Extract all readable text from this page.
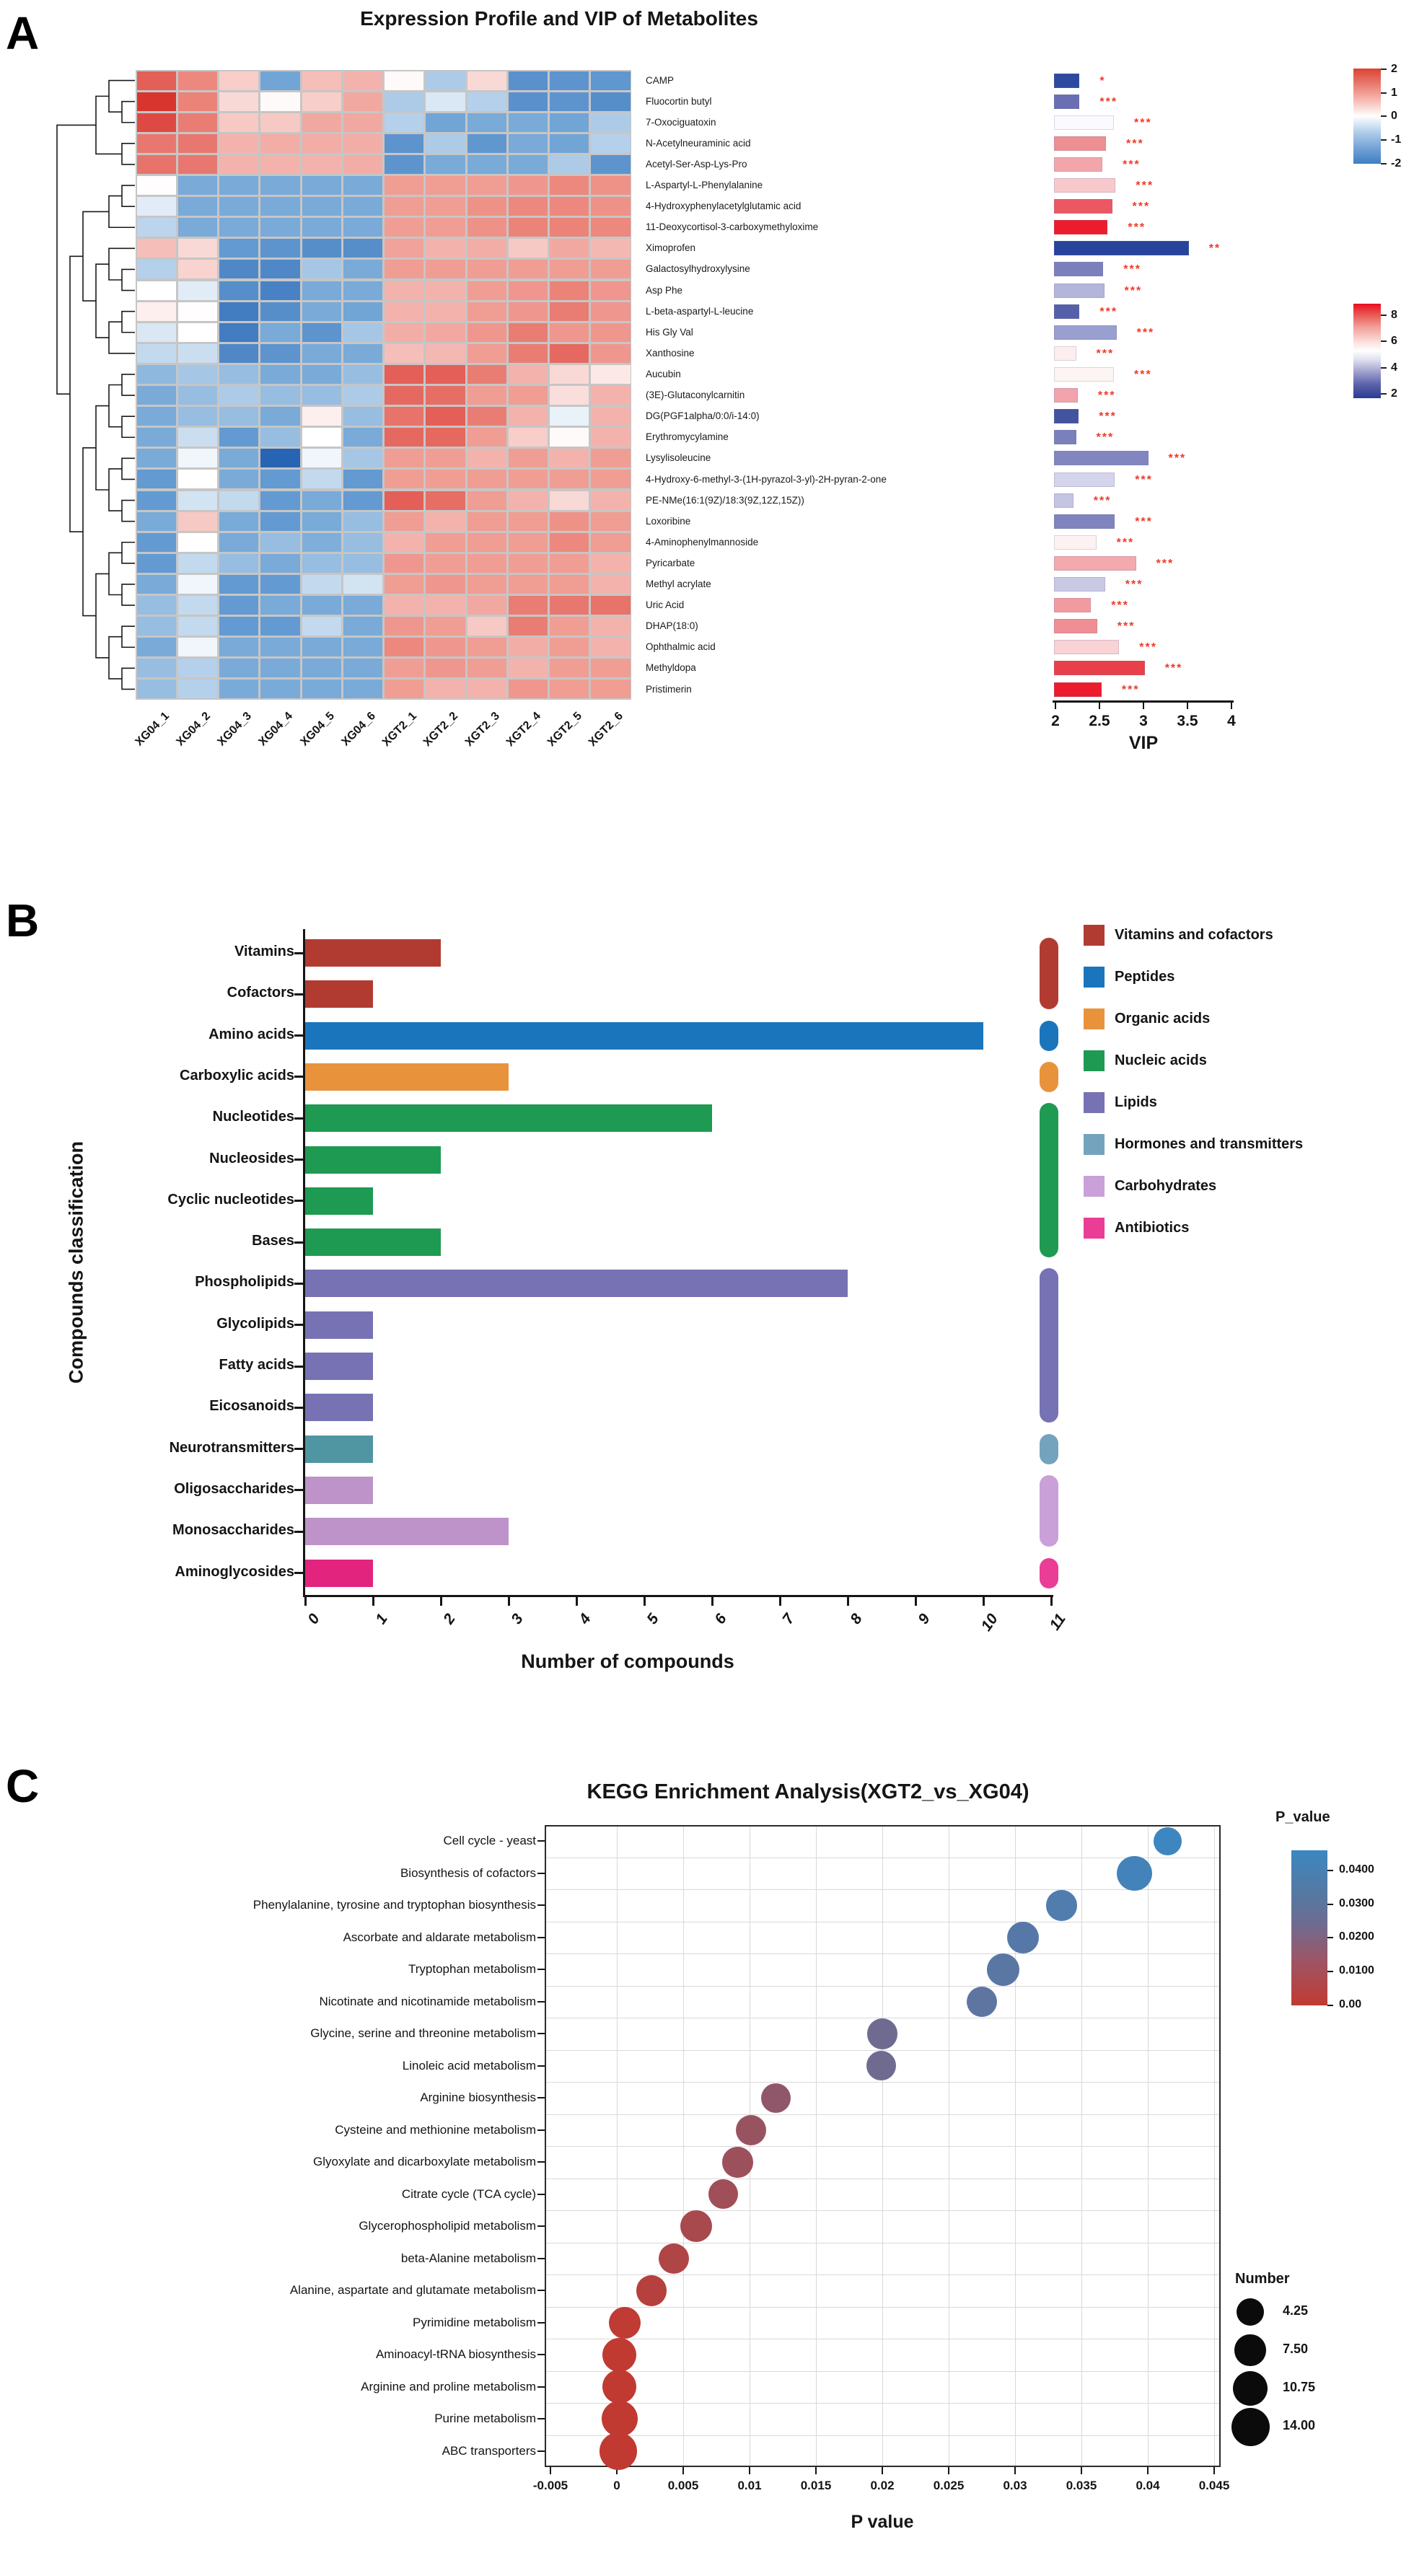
A	Expression Profile and VIP of Metabolites
CAMP
Fluocortin butyl
7-Oxociguatoxin
N-Acetylneuraminic acid
Acetyl-Ser-Asp-Lys-Pro
L-Aspartyl-L-Phenylalanine
4-Hydroxyphenylacetylglutamic acid
11-Deoxycortisol-3-carboxymethyloxime
Ximoprofen
Galactosylhydroxylysine
Asp Phe
L-beta-aspartyl-L-leucine
His Gly Val
Xanthosine
Aucubin
(3E)-Glutaconylcarnitin
DG(PGF1alpha/0:0/i-14:0)
Erythromycylamine
Lysylisoleucine
4-Hydroxy-6-methyl-3-(1H-pyrazol-3-yl)-2H-pyran-2-one
PE-NMe(16:1(9Z)/18:3(9Z,12Z,15Z))
Loxoribine
4-Aminophenylmannoside
Pyricarbate
Methyl acrylate
Uric Acid
DHAP(18:0)
Ophthalmic acid
Methyldopa
Pristimerin
XG04_1 XG04_2 XG04_3 XG04_4 XG04_5 XG04_6 XGT2_1 XGT2_2 XGT2_3 XGT2_4 XGT2_5 XGT2_6
*
***
***
***
***
***
***
***
**
***
***
***
***
***
***
***
***
***
***
***
***
***
***
***
***
***
***
***
***
***
2 2.5 3 3.5 4
VIP
2
1
0
-1
-2
8
6
4
2
B
Compounds classification
Vitamins
Cofactors
Amino acids
Carboxylic acids
Nucleotides
Nucleosides
Cyclic nucleotides
Bases
Phospholipids
Glycolipids
Fatty acids
Eicosanoids
Neurotransmitters
Oligosaccharides
Monosaccharides
Aminoglycosides
0	1	2	3	4	5	6	7	8	9	10	11
Number of compounds
Vitamins and cofactors
Peptides
Organic acids
Nucleic acids
Lipids
Hormones and transmitters
Carbohydrates
Antibiotics
C	KEGG Enrichment Analysis(XGT2_vs_XG04)
-0.005	0	0.005	0.01	0.015	0.02	0.025	0.03	0.035	0.04	0.045
Cell cycle - yeast
Biosynthesis of cofactors
Phenylalanine, tyrosine and tryptophan biosynthesis
Ascorbate and aldarate metabolism
Tryptophan metabolism
Nicotinate and nicotinamide metabolism
Glycine, serine and threonine metabolism
Linoleic acid metabolism
Arginine biosynthesis
Cysteine and methionine metabolism
Glyoxylate and dicarboxylate metabolism
Citrate cycle (TCA cycle)
Glycerophospholipid metabolism
beta-Alanine metabolism
Alanine, aspartate and glutamate metabolism
Pyrimidine metabolism
Aminoacyl-tRNA biosynthesis
Arginine and proline metabolism
Purine metabolism
ABC transporters
P value
P_value
0.0400
0.0300
0.0200
0.0100
0.00
Number
4.25
7.50
10.75
14.00
